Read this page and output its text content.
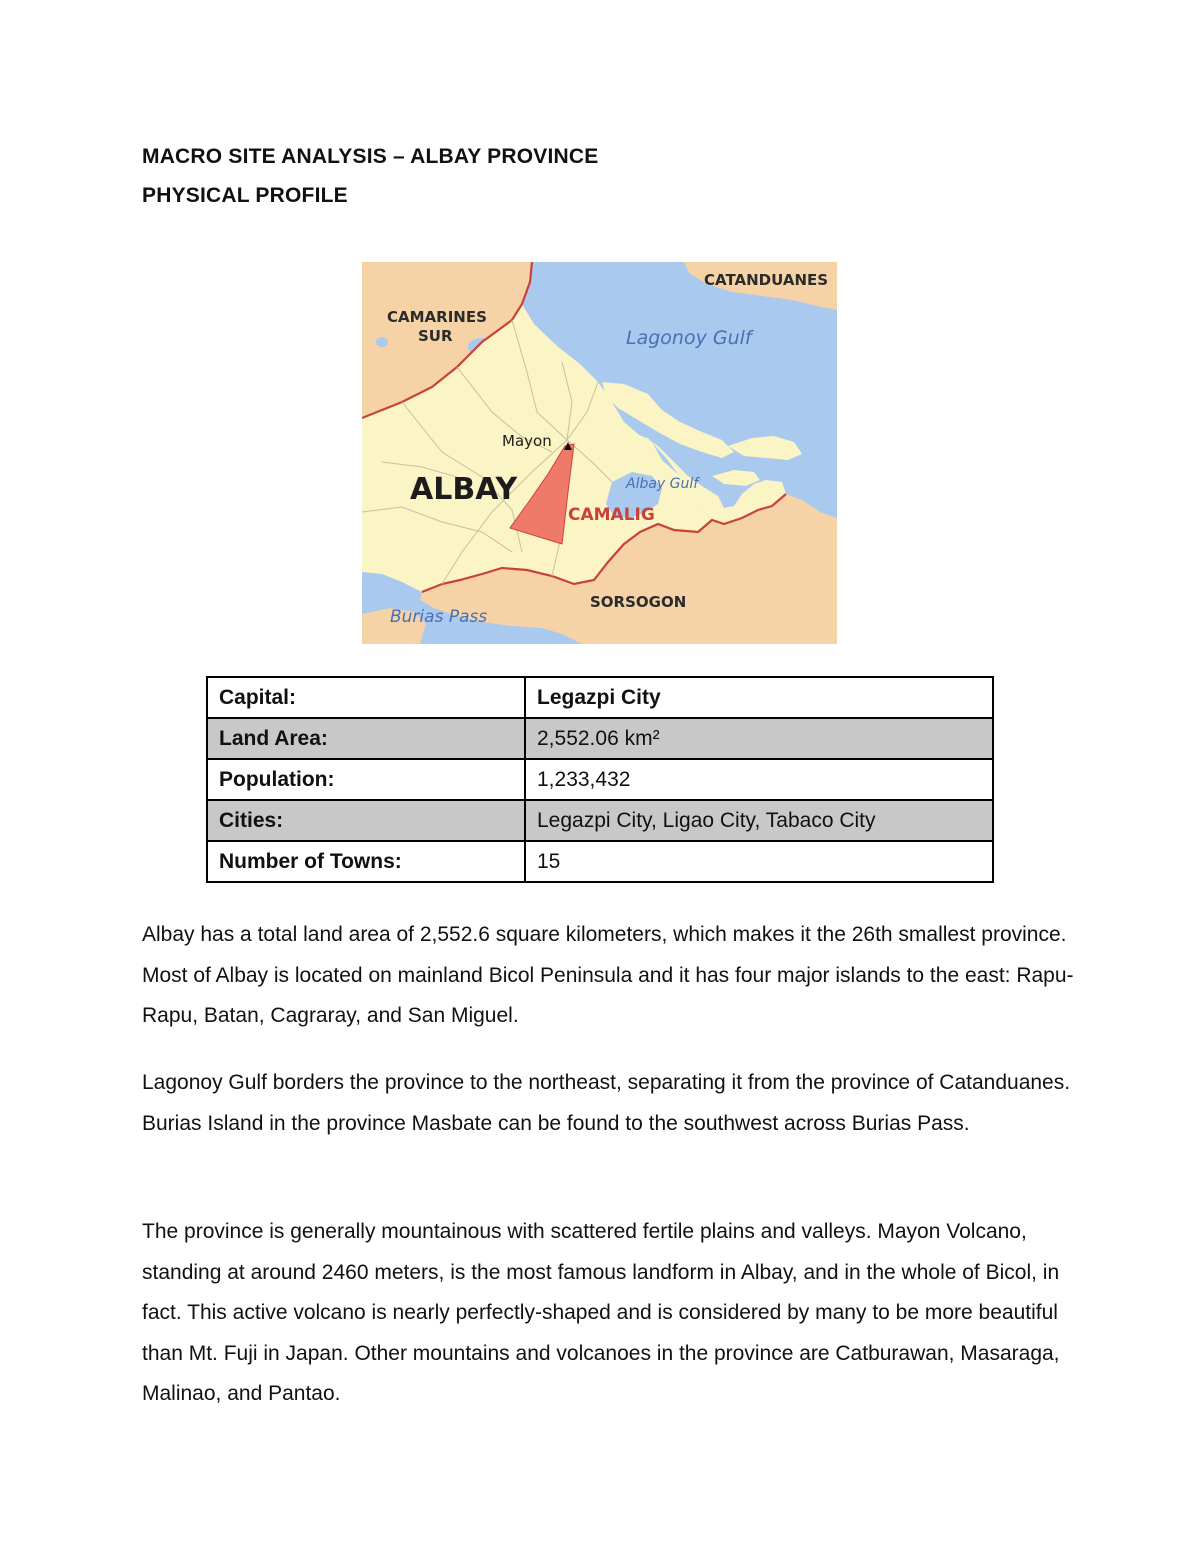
MACRO SITE ANALYSIS – ALBAY PROVINCE

PHYSICAL PROFILE

CATANDUANES
CAMARINES
SUR
ALBAY
CAMALIG
SORSOGON
Mayon
Lagonoy Gulf
Albay Gulf
Burias Pass
Capital:	Legazpi City
Land Area:	2,552.06 km²
Population:	1,233,432
Cities:	Legazpi City, Ligao City, Tabaco City
Number of Towns:	15

Albay has a total land area of 2,552.6 square kilometers, which makes it the 26th smallest province. Most of Albay is located on mainland Bicol Peninsula and it has four major islands to the east: Rapu-Rapu, Batan, Cagraray, and San Miguel.

Lagonoy Gulf borders the province to the northeast, separating it from the province of Catanduanes. Burias Island in the province Masbate can be found to the southwest across Burias Pass.

The province is generally mountainous with scattered fertile plains and valleys. Mayon Volcano, standing at around 2460 meters, is the most famous landform in Albay, and in the whole of Bicol, in fact. This active volcano is nearly perfectly-shaped and is considered by many to be more beautiful than Mt. Fuji in Japan. Other mountains and volcanoes in the province are Catburawan, Masaraga, Malinao, and Pantao.
